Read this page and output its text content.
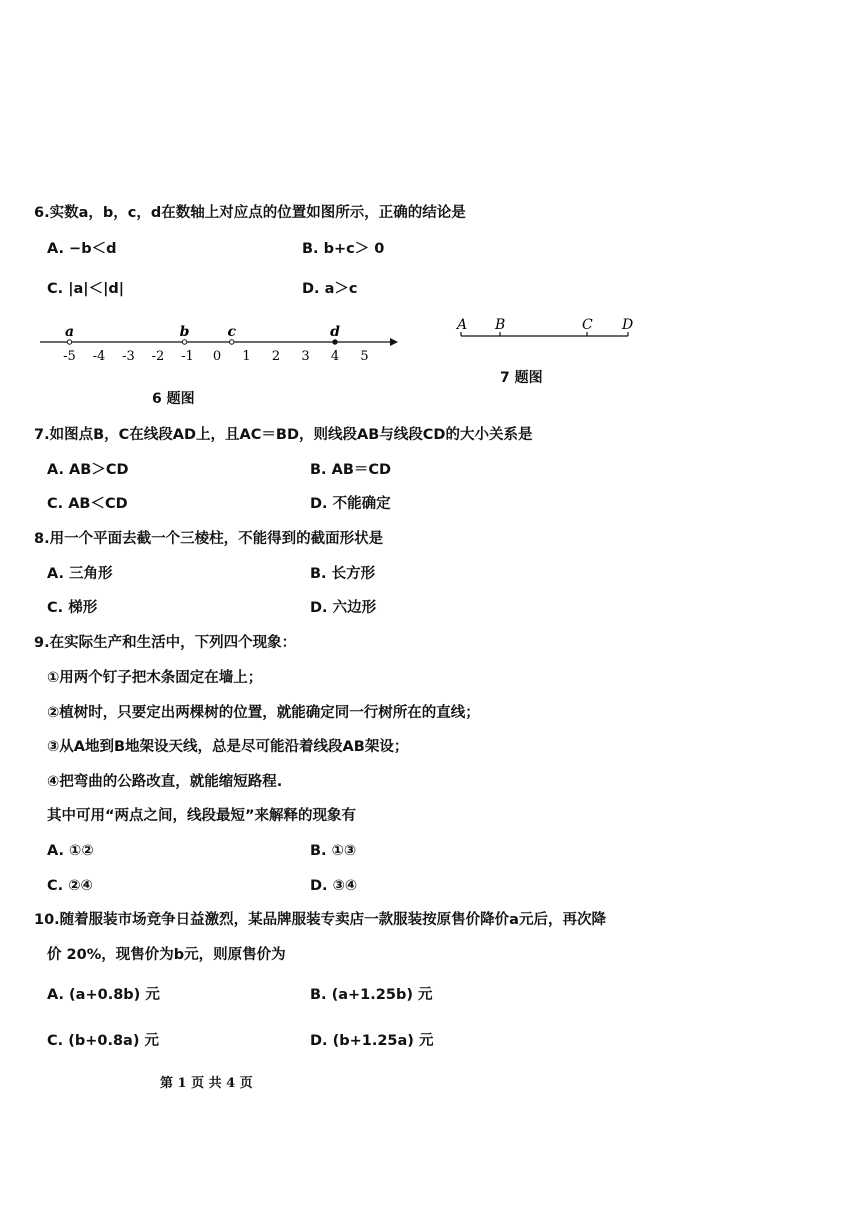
6.实数a，b，c，d在数轴上对应点的位置如图所示，正确的结论是
A. −b＜d	B. b+c＞ 0
C. |a|＜|d|	D. a＞c
-5 -4 -3 -2 -1 0 1 2 3 4 5
a	b	c	d
6 题图
A B	C D
7 题图
7.如图点B，C在线段AD上，且AC＝BD，则线段AB与线段CD的大小关系是
A. AB＞CD	B. AB＝CD
C. AB＜CD	D. 不能确定
8.用一个平面去截一个三棱柱，不能得到的截面形状是
A. 三角形	B. 长方形
C. 梯形	D. 六边形
9.在实际生产和生活中，下列四个现象：
①用两个钉子把木条固定在墙上；
②植树时，只要定出两棵树的位置，就能确定同一行树所在的直线；
③从A地到B地架设天线，总是尽可能沿着线段AB架设；
④把弯曲的公路改直，就能缩短路程.
其中可用“两点之间，线段最短”来解释的现象有
A. ①②	B. ①③
C. ②④	D. ③④
10.随着服装市场竞争日益激烈，某品牌服装专卖店一款服装按原售价降价a元后，再次降
价 20%，现售价为b元，则原售价为
A. (a+0.8b) 元	B. (a+1.25b) 元
C. (b+0.8a) 元	D. (b+1.25a) 元
第 1 页 共 4 页
